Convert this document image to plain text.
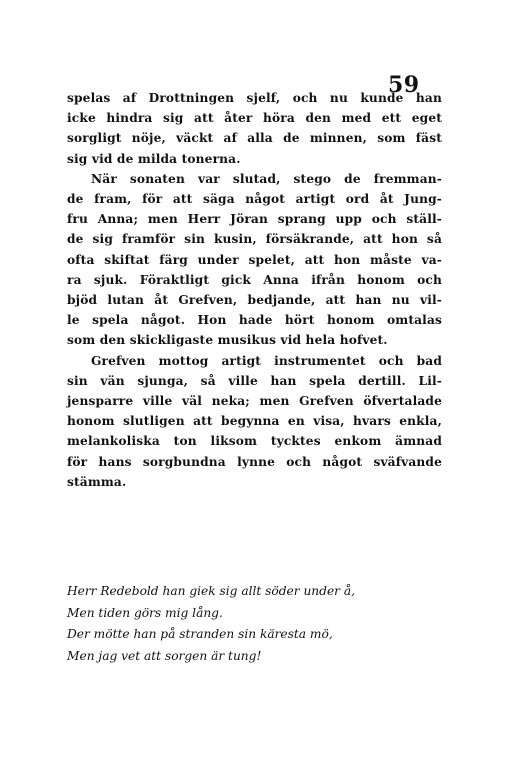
59
spelas af Drottningen sjelf, och nu kunde han
icke hindra sig att åter höra den med ett eget
sorgligt nöje, väckt af alla de minnen, som fäst
sig vid de milda tonerna.
När sonaten var slutad, stego de fremman-
de fram, för att säga något artigt ord åt Jung-
fru Anna; men Herr Jöran sprang upp och ställ-
de sig framför sin kusin, försäkrande, att hon så
ofta skiftat färg under spelet, att hon måste va-
ra sjuk. Föraktligt gick Anna ifrån honom och
bjöd lutan åt Grefven, bedjande, att han nu vil-
le spela något. Hon hade hört honom omtalas
som den skickligaste musikus vid hela hofvet.
Grefven mottog artigt instrumentet och bad
sin vän sjunga, så ville han spela dertill. Lil-
jensparre ville väl neka; men Grefven öfvertalade
honom slutligen att begynna en visa, hvars enkla,
melankoliska ton liksom tycktes enkom ämnad
för hans sorgbundna lynne och något sväfvande
stämma.
Herr Redebold han giek sig allt söder under å,
Men tiden görs mig lång.
Der mötte han på stranden sin käresta mö,
Men jag vet att sorgen är tung!
